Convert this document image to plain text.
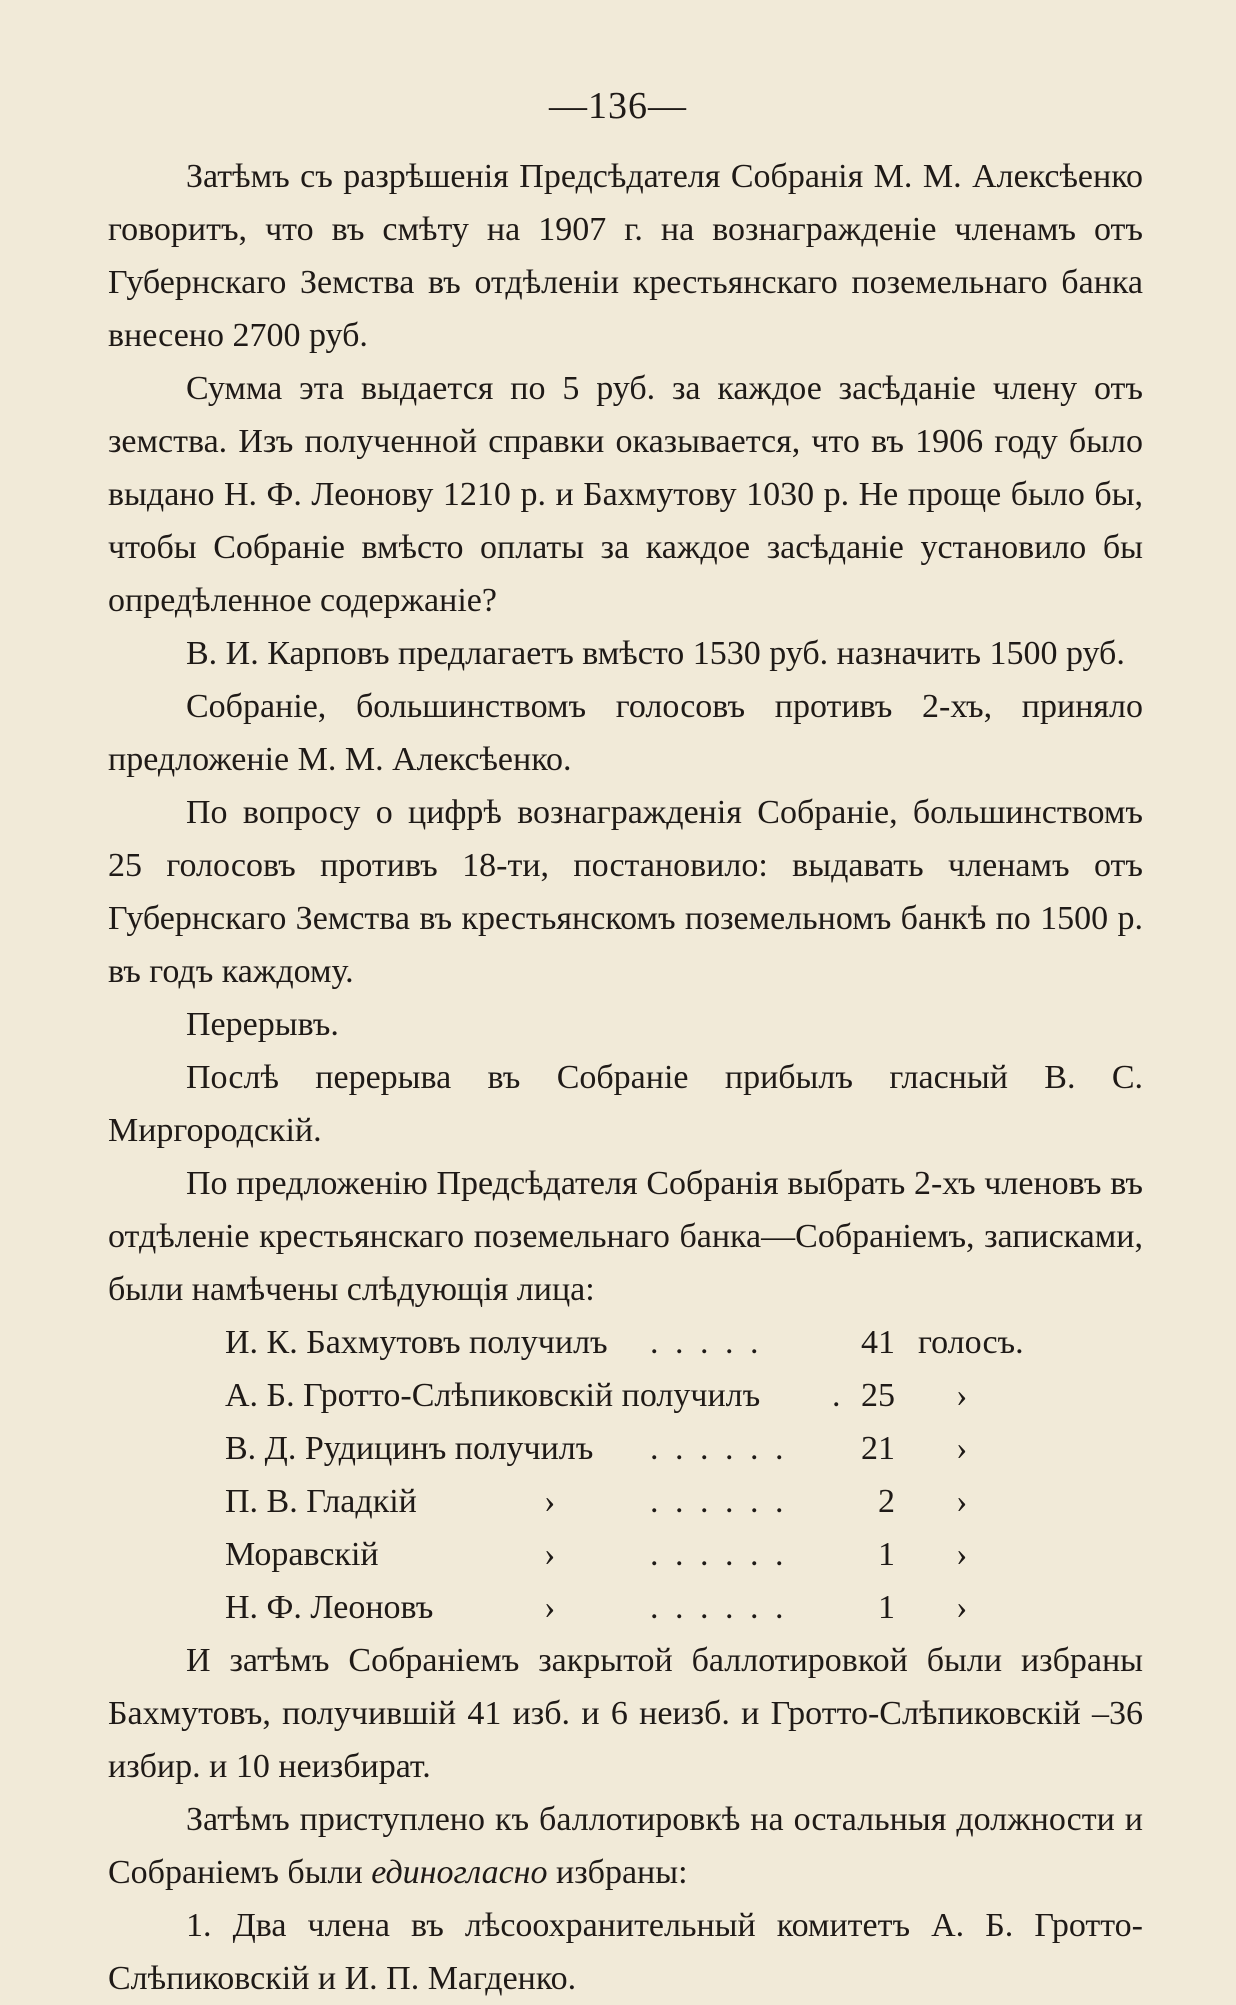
—136—

Затѣмъ съ разрѣшенія Предсѣдателя Собранія М. М. Алексѣенко говоритъ, что въ смѣту на 1907 г. на вознагражденіе членамъ отъ Губернскаго Земства въ отдѣленіи крестьянскаго поземельнаго банка внесено 2700 руб.

Сумма эта выдается по 5 руб. за каждое засѣданіе члену отъ земства. Изъ полученной справки оказывается, что въ 1906 году было выдано Н. Ф. Леонову 1210 р. и Бахмутову 1030 р. Не проще было бы, чтобы Собраніе вмѣсто оплаты за каждое засѣданіе установило бы опредѣленное содержаніе?

В. И. Карповъ предлагаетъ вмѣсто 1530 руб. назначить 1500 руб.

Собраніе, большинствомъ голосовъ противъ 2-хъ, приняло предложеніе М. М. Алексѣенко.

По вопросу о цифрѣ вознагражденія Собраніе, большинствомъ 25 голосовъ противъ 18-ти, постановило: выдавать членамъ отъ Губернскаго Земства въ крестьянскомъ поземельномъ банкѣ по 1500 р. въ годъ каждому.

Перерывъ.

Послѣ перерыва въ Собраніе прибылъ гласный В. С. Миргородскій.

По предложенію Предсѣдателя Собранія выбрать 2-хъ членовъ въ отдѣленіе крестьянскаго поземельнаго банка—Собраніемъ, записками, были намѣчены слѣдующія лица:

И. К. Бахмутовъ получилъ . . . . .	41 голосъ.
А. Б. Гротто-Слѣпиковскій получилъ . 25 ›
В. Д. Рудицинъ получилъ . . . . . . 21 ›
П. В. Гладкій	›	. . . . . .	2 ›
Моравскій	›	. . . . . .	1 ›
Н. Ф. Леоновъ	›	. . . . . .	1 ›

И затѣмъ Собраніемъ закрытой баллотировкой были избраны Бахмутовъ, получившій 41 изб. и 6 неизб. и Гротто-Слѣпиковскій –36 избир. и 10 неизбират.

Затѣмъ приступлено къ баллотировкѣ на остальныя должности и Собраніемъ были единогласно избраны:

1. Два члена въ лѣсоохранительный комитетъ А. Б. Гротто-Слѣпиковскій и И. П. Магденко.
